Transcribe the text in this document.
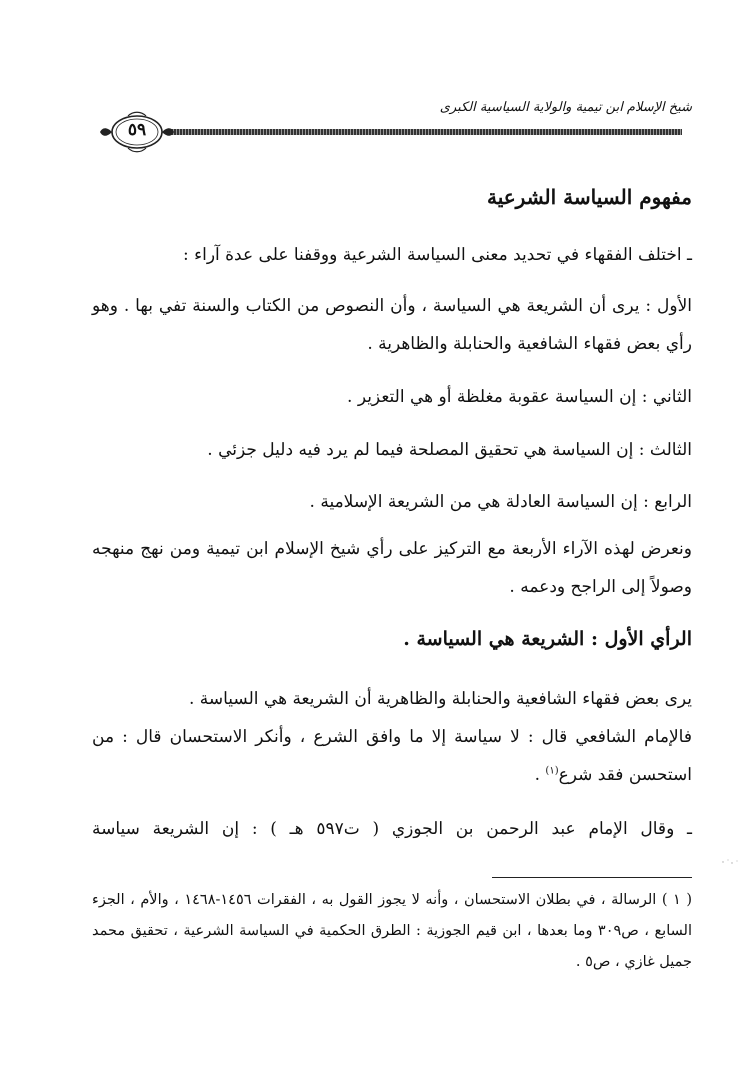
شيخ الإسلام ابن تيمية والولاية السياسية الكبرى
٥٩
مفهوم السياسة الشرعية
ـ اختلف الفقهاء في تحديد معنى السياسة الشرعية ووقفنا على عدة آراء :
الأول : يرى أن الشريعة هي السياسة ، وأن النصوص من الكتاب والسنة تفي بها . وهو رأي بعض فقهاء الشافعية والحنابلة والظاهرية .
الثاني : إن السياسة عقوبة مغلظة أو هي التعزير .
الثالث : إن السياسة هي تحقيق المصلحة فيما لم يرد فيه دليل جزئي .
الرابع : إن السياسة العادلة هي من الشريعة الإسلامية .
ونعرض لهذه الآراء الأربعة مع التركيز على رأي شيخ الإسلام ابن تيمية ومن نهج منهجه وصولاً إلى الراجح ودعمه .
الرأي الأول : الشريعة هي السياسة .
يرى بعض فقهاء الشافعية والحنابلة والظاهرية أن الشريعة هي السياسة .
فالإمام الشافعي قال : لا سياسة إلا ما وافق الشرع ، وأنكر الاستحسان قال : من استحسن فقد شرع$^{(١)}$ .
ـ وقال الإمام عبد الرحمن بن الجوزي ( ت٥٩٧ هـ ) : إن الشريعة سياسة
( ١ ) الرسالة ، في بطلان الاستحسان ، وأنه لا يجوز القول به ، الفقرات ١٤٥٦-١٤٦٨ ، والأم ، الجزء السابع ، ص٣٠٩ وما بعدها ، ابن قيم الجوزية : الطرق الحكمية في السياسة الشرعية ، تحقيق محمد جميل غازي ، ص٥ .
